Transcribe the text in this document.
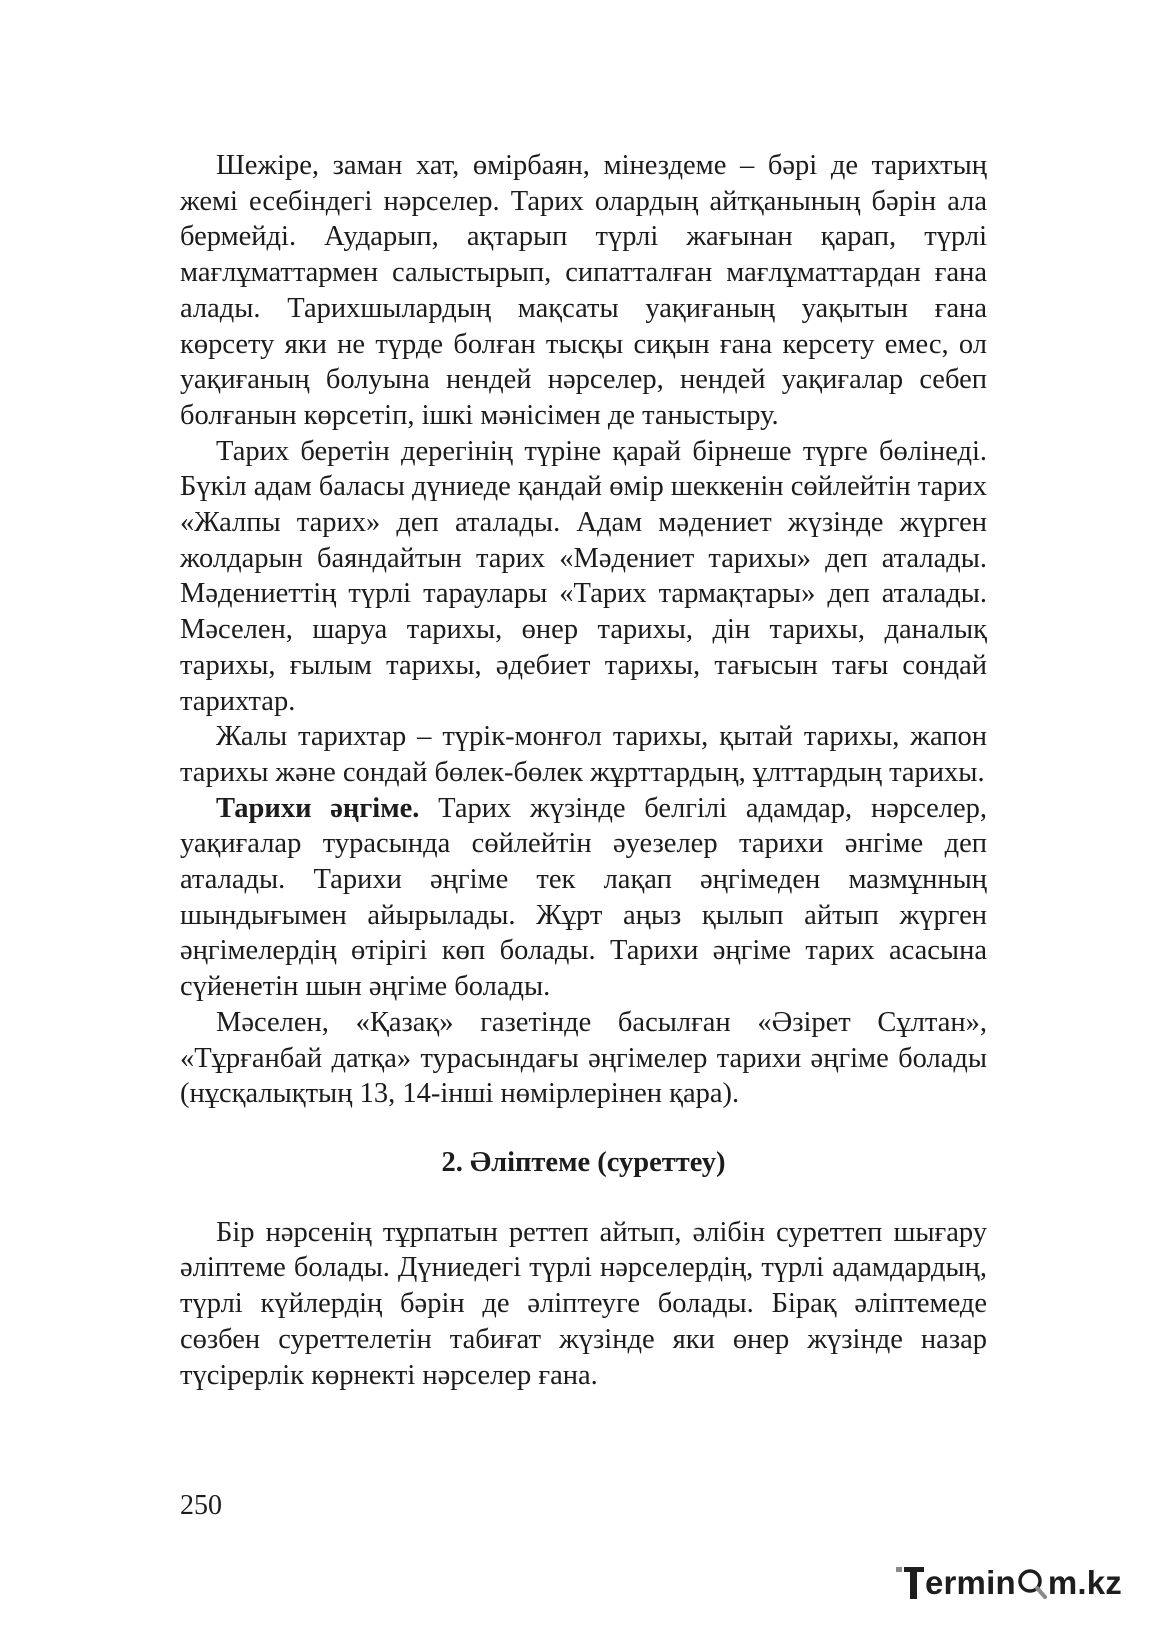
Шежіре, заман хат, өмірбаян, мінездеме – бәрі де тарихтың жемі есебіндегі нәрселер. Тарих олардың айтқанының бәрін ала бермейді. Аударып, ақтарып түрлі жағынан қарап, түрлі мағлұматтармен салыстырып, сипатталған мағлұматтардан ғана алады. Тарихшылардың мақсаты уақиғаның уақытын ғана көрсету яки не түрде болған тысқы сиқын ғана керсету емес, ол уақиғаның болуына нендей нәрселер, нендей уақиғалар себеп болғанын көрсетіп, ішкі мәнісімен де таныстыру.

Тарих беретін дерегінің түріне қарай бірнеше түрге бөлінеді. Бүкіл адам баласы дүниеде қандай өмір шеккенін сөйлейтін тарих «Жалпы тарих» деп аталады. Адам мәдениет жүзінде жүрген жолдарын баяндайтын тарих «Мәдениет тарихы» деп аталады. Мәдениеттің түрлі тараулары «Тарих тармақтары» деп аталады. Мәселен, шаруа тарихы, өнер тарихы, дін тарихы, даналық тарихы, ғылым тарихы, әдебиет тарихы, тағысын тағы сондай тарихтар.

Жалы тарихтар – түрік-монғол тарихы, қытай тарихы, жапон тарихы және сондай бөлек-бөлек жұрттардың, ұлттардың тарихы.

Тарихи әңгіме. Тарих жүзінде белгілі адамдар, нәрселер, уақиғалар турасында сөйлейтін әуезелер тарихи әнгіме деп аталады. Тарихи әңгіме тек лақап әңгімеден мазмұнның шындығымен айырылады. Жұрт аңыз қылып айтып жүрген әңгімелердің өтірігі көп болады. Тарихи әңгіме тарих асасына сүйенетін шын әңгіме болады.

Мәселен, «Қазақ» газетінде басылған «Әзірет Сұлтан», «Тұрғанбай датқа» турасындағы әңгімелер тарихи әңгіме болады (нұсқалықтың 13, 14-інші нөмірлерінен қара).

2. Әліптеме (суреттеу)

Бір нәрсенің тұрпатын реттеп айтып, әлібін суреттеп шығару әліптеме болады. Дүниедегі түрлі нәрселердің, түрлі адамдардың, түрлі күйлердің бәрін де әліптеуге болады. Бірақ әліптемеде сөзбен суреттелетін табиғат жүзінде яки өнер жүзінде назар түсірерлік көрнекті нәрселер ғана.

250

ermin m.kz
